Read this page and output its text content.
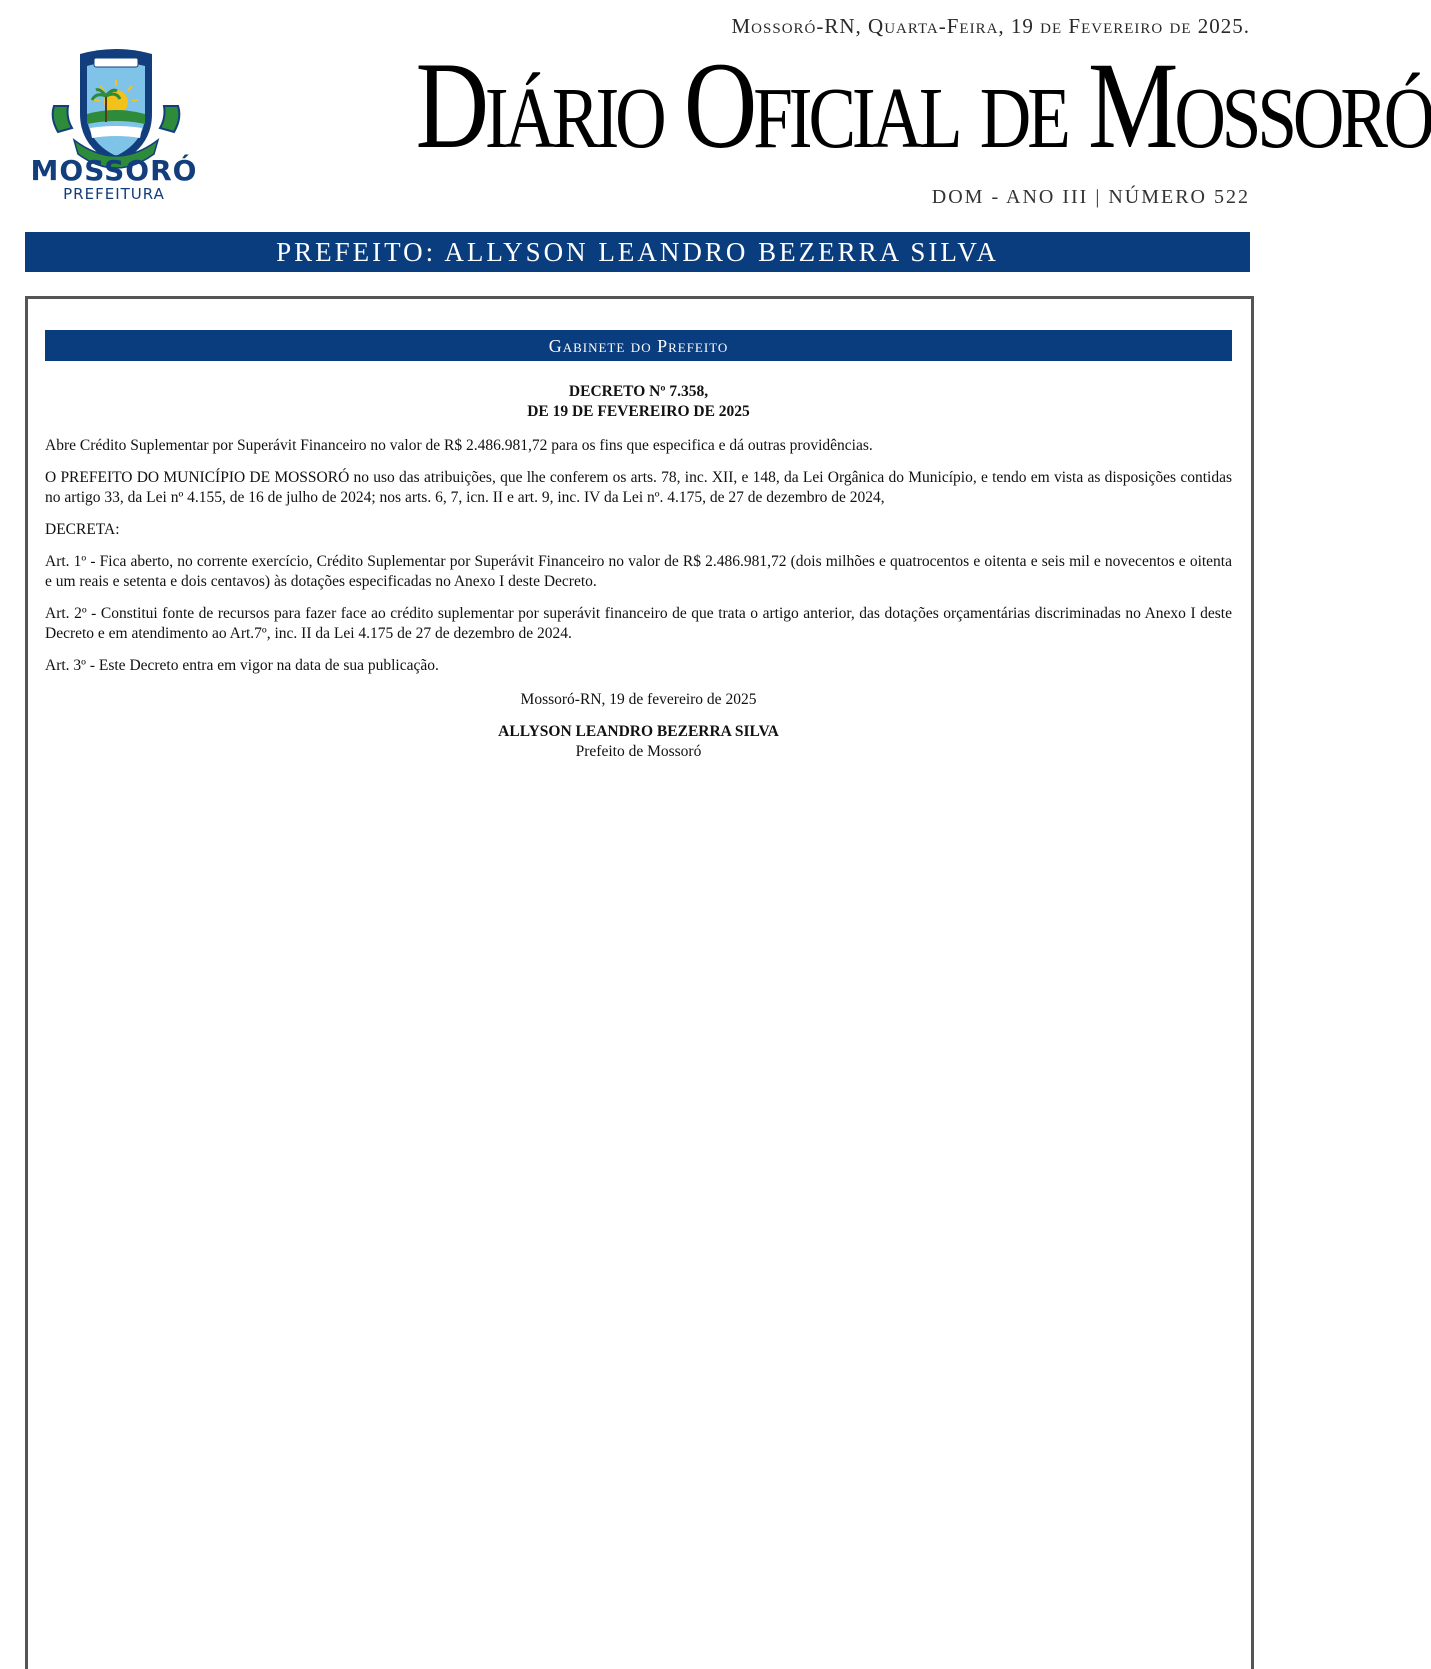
Mossoró-RN, Quarta-Feira, 19 de Fevereiro de 2025.
MOSSORÓ
PREFEITURA
Diário Oficial de Mossoró
DOM - ANO III | NÚMERO 522
PREFEITO: ALLYSON LEANDRO BEZERRA SILVA
Gabinete do Prefeito

DECRETO Nº 7.358,

DE 19 DE FEVEREIRO DE 2025

Abre Crédito Suplementar por Superávit Financeiro no valor de R$ 2.486.981,72 para os fins que especifica e dá outras providências.

O PREFEITO DO MUNICÍPIO DE MOSSORÓ no uso das atribuições, que lhe conferem os arts. 78, inc. XII, e 148, da Lei Orgânica do Município, e tendo em vista as disposições contidas no artigo 33, da Lei nº 4.155, de 16 de julho de 2024; nos arts. 6, 7, icn. II e art. 9, inc. IV da Lei nº. 4.175, de 27 de dezembro de 2024,

DECRETA:

Art. 1º - Fica aberto, no corrente exercício, Crédito Suplementar por Superávit Financeiro no valor de R$ 2.486.981,72 (dois milhões e quatrocentos e oitenta e seis mil e novecentos e oitenta e um reais e setenta e dois centavos) às dotações especificadas no Anexo I deste Decreto.

Art. 2º - Constitui fonte de recursos para fazer face ao crédito suplementar por superávit financeiro de que trata o artigo anterior, das dotações orçamentárias discriminadas no Anexo I deste Decreto e em atendimento ao Art.7º, inc. II da Lei 4.175 de 27 de dezembro de 2024.

Art. 3º - Este Decreto entra em vigor na data de sua publicação.

Mossoró-RN, 19 de fevereiro de 2025

ALLYSON LEANDRO BEZERRA SILVA

Prefeito de Mossoró
